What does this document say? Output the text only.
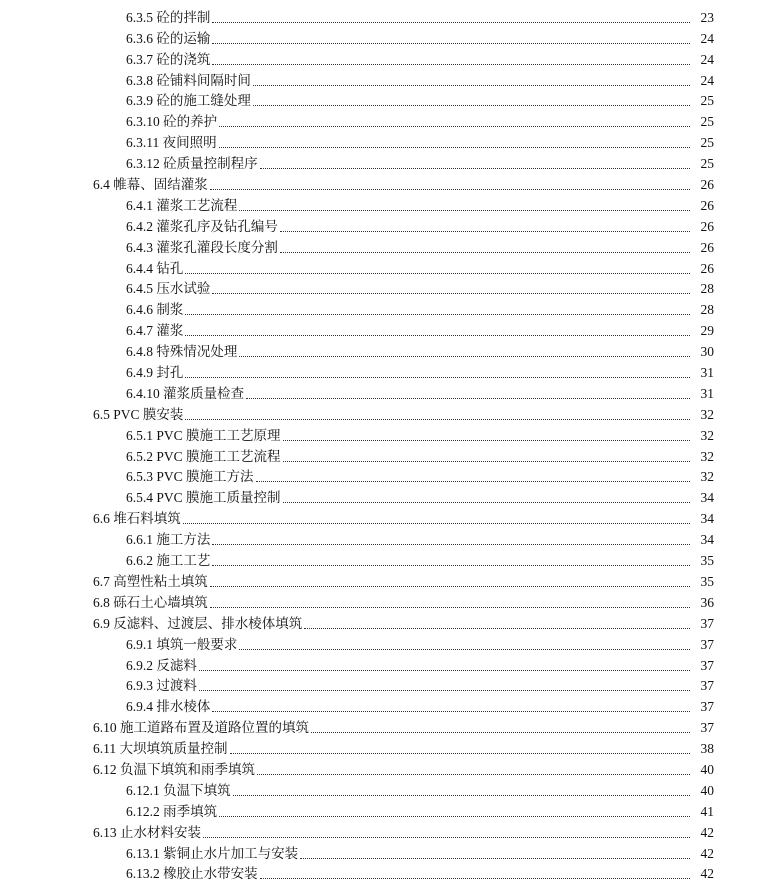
6.3.5 砼的拌制	23
6.3.6 砼的运输	24
6.3.7 砼的浇筑	24
6.3.8 砼铺料间隔时间	24
6.3.9 砼的施工缝处理	25
6.3.10 砼的养护	25
6.3.11 夜间照明	25
6.3.12 砼质量控制程序	25
6.4 帷幕、固结灌浆	26
6.4.1 灌浆工艺流程	26
6.4.2 灌浆孔序及钻孔编号	26
6.4.3 灌浆孔灌段长度分割	26
6.4.4 钻孔	26
6.4.5 压水试验	28
6.4.6 制浆	28
6.4.7 灌浆	29
6.4.8 特殊情况处理	30
6.4.9 封孔	31
6.4.10 灌浆质量检查	31
6.5 PVC 膜安装	32
6.5.1 PVC 膜施工工艺原理	32
6.5.2 PVC 膜施工工艺流程	32
6.5.3 PVC 膜施工方法	32
6.5.4 PVC 膜施工质量控制	34
6.6 堆石料填筑	34
6.6.1 施工方法	34
6.6.2 施工工艺	35
6.7 高塑性粘土填筑	35
6.8 砾石土心墙填筑	36
6.9 反滤料、过渡层、排水棱体填筑	37
6.9.1 填筑一般要求	37
6.9.2 反滤料	37
6.9.3 过渡料	37
6.9.4 排水棱体	37
6.10 施工道路布置及道路位置的填筑	37
6.11 大坝填筑质量控制	38
6.12 负温下填筑和雨季填筑	40
6.12.1 负温下填筑	40
6.12.2 雨季填筑	41
6.13 止水材料安装	42
6.13.1 紫铜止水片加工与安装	42
6.13.2 橡胶止水带安装	42
